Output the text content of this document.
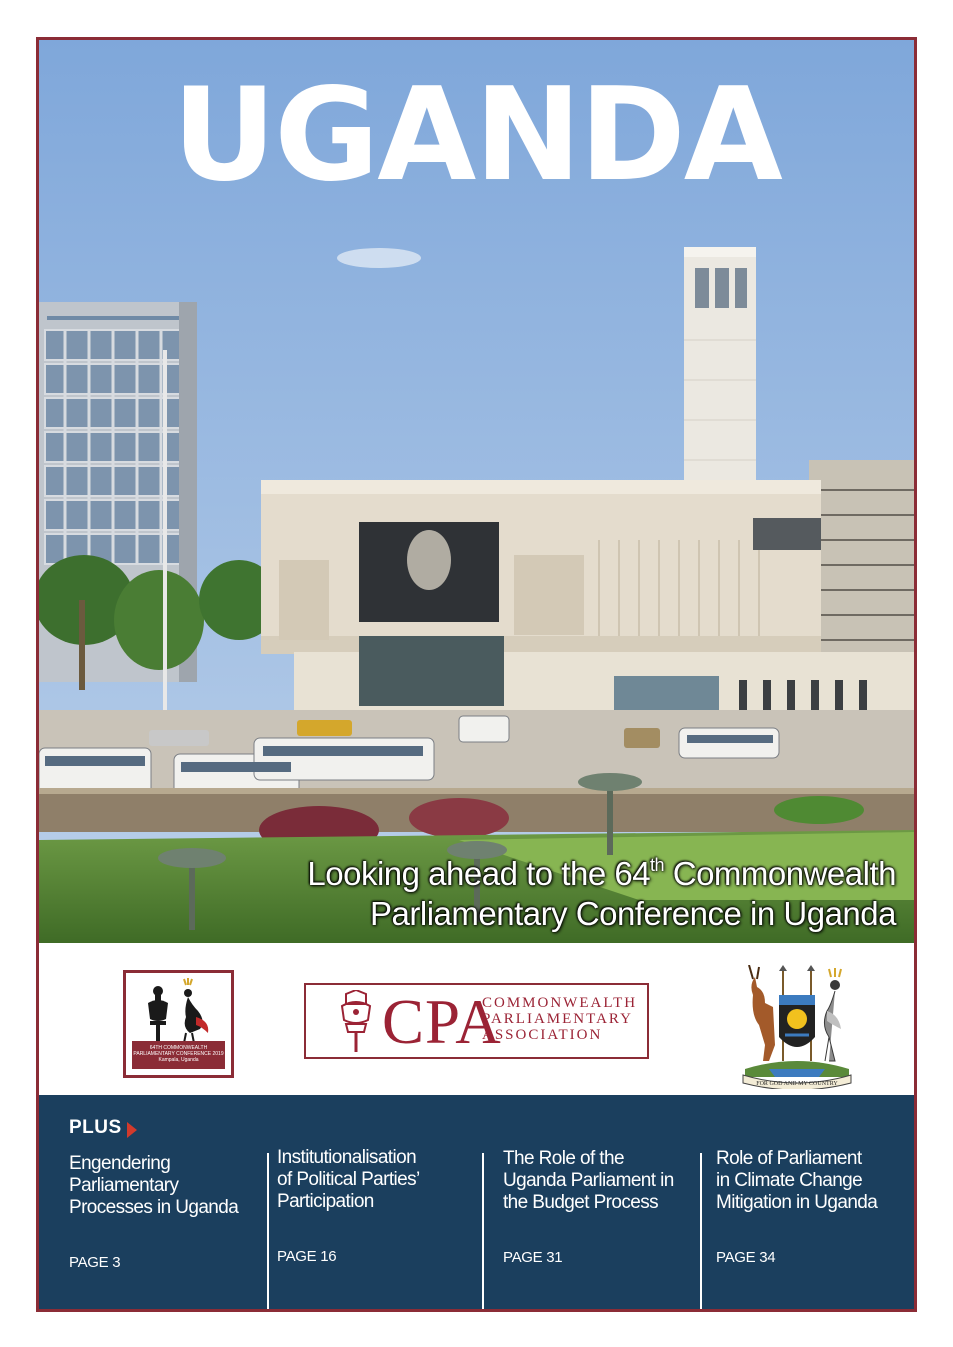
UGANDA
Looking ahead to the 64th Commonwealth
Parliamentary Conference in Uganda
64TH COMMONWEALTH PARLIAMENTARY CONFERENCE 2019 Kampala, Uganda
CPA
COMMONWEALTH
PARLIAMENTARY
ASSOCIATION
FOR GOD AND MY COUNTRY
PLUS
Engendering
Parliamentary
Processes in Uganda
PAGE 3
Institutionalisation
of Political Parties’
Participation
PAGE 16
The Role of the
Uganda Parliament in
the Budget Process
PAGE 31
Role of Parliament
in Climate Change
Mitigation in Uganda
PAGE 34
